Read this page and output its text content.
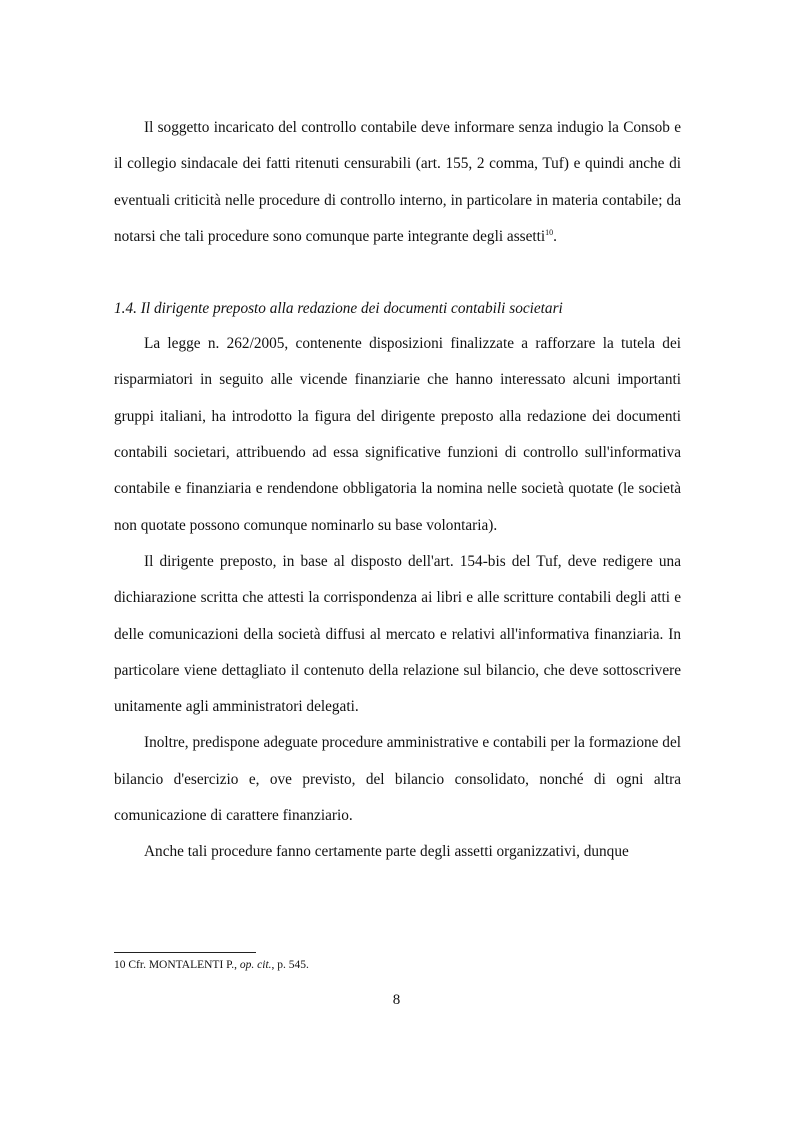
Il soggetto incaricato del controllo contabile deve informare senza indugio la Consob e il collegio sindacale dei fatti ritenuti censurabili (art. 155, 2 comma, Tuf) e quindi anche di eventuali criticità nelle procedure di controllo interno, in particolare in materia contabile; da notarsi che tali procedure sono comunque parte integrante degli assetti$^{10}$.

1.4. Il dirigente preposto alla redazione dei documenti contabili societari

La legge n. 262/2005, contenente disposizioni finalizzate a rafforzare la tutela dei risparmiatori in seguito alle vicende finanziarie che hanno interessato alcuni importanti gruppi italiani, ha introdotto la figura del dirigente preposto alla redazione dei documenti contabili societari, attribuendo ad essa significative funzioni di controllo sull'informativa contabile e finanziaria e rendendone obbligatoria la nomina nelle società quotate (le società non quotate possono comunque nominarlo su base volontaria).

Il dirigente preposto, in base al disposto dell'art. 154-bis del Tuf, deve redigere una dichiarazione scritta che attesti la corrispondenza ai libri e alle scritture contabili degli atti e delle comunicazioni della società diffusi al mercato e relativi all'informativa finanziaria. In particolare viene dettagliato il contenuto della relazione sul bilancio, che deve sottoscrivere unitamente agli amministratori delegati.

Inoltre, predispone adeguate procedure amministrative e contabili per la formazione del bilancio d'esercizio e, ove previsto, del bilancio consolidato, nonché di ogni altra comunicazione di carattere finanziario.

Anche tali procedure fanno certamente parte degli assetti organizzativi, dunque

10 Cfr. MONTALENTI P., op. cit., p. 545.
8
